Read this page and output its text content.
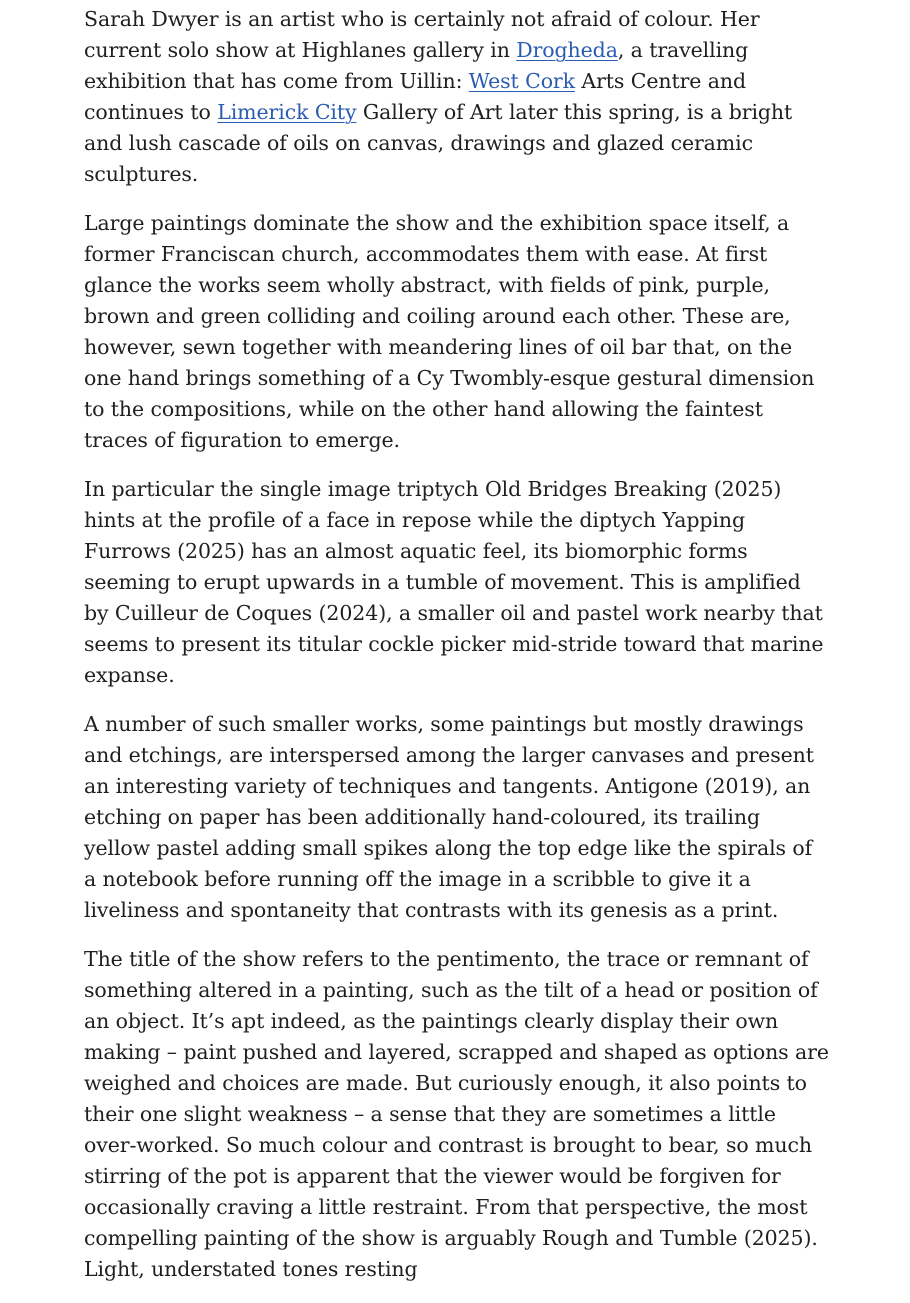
Sarah Dwyer is an artist who is certainly not afraid of colour. Her current solo show at Highlanes gallery in Drogheda, a travelling exhibition that has come from Uillin: West Cork Arts Centre and continues to Limerick City Gallery of Art later this spring, is a bright and lush cascade of oils on canvas, drawings and glazed ceramic sculptures.

Large paintings dominate the show and the exhibition space itself, a former Franciscan church, accommodates them with ease. At first glance the works seem wholly abstract, with fields of pink, purple, brown and green colliding and coiling around each other. These are, however, sewn together with meandering lines of oil bar that, on the one hand brings something of a Cy Twombly-esque gestural dimension to the compositions, while on the other hand allowing the faintest traces of figuration to emerge.

In particular the single image triptych Old Bridges Breaking (2025) hints at the profile of a face in repose while the diptych Yapping Furrows (2025) has an almost aquatic feel, its biomorphic forms seeming to erupt upwards in a tumble of movement. This is amplified by Cuilleur de Coques (2024), a smaller oil and pastel work nearby that seems to present its titular cockle picker mid-stride toward that marine expanse.

A number of such smaller works, some paintings but mostly drawings and etchings, are interspersed among the larger canvases and present an interesting variety of techniques and tangents. Antigone (2019), an etching on paper has been additionally hand-coloured, its trailing yellow pastel adding small spikes along the top edge like the spirals of a notebook before running off the image in a scribble to give it a liveliness and spontaneity that contrasts with its genesis as a print.

The title of the show refers to the pentimento, the trace or remnant of something altered in a painting, such as the tilt of a head or position of an object. It’s apt indeed, as the paintings clearly display their own making – paint pushed and layered, scrapped and shaped as options are weighed and choices are made. But curiously enough, it also points to their one slight weakness – a sense that they are sometimes a little over-worked. So much colour and contrast is brought to bear, so much stirring of the pot is apparent that the viewer would be forgiven for occasionally craving a little restraint. From that perspective, the most compelling painting of the show is arguably Rough and Tumble (2025). Light, understated tones resting
